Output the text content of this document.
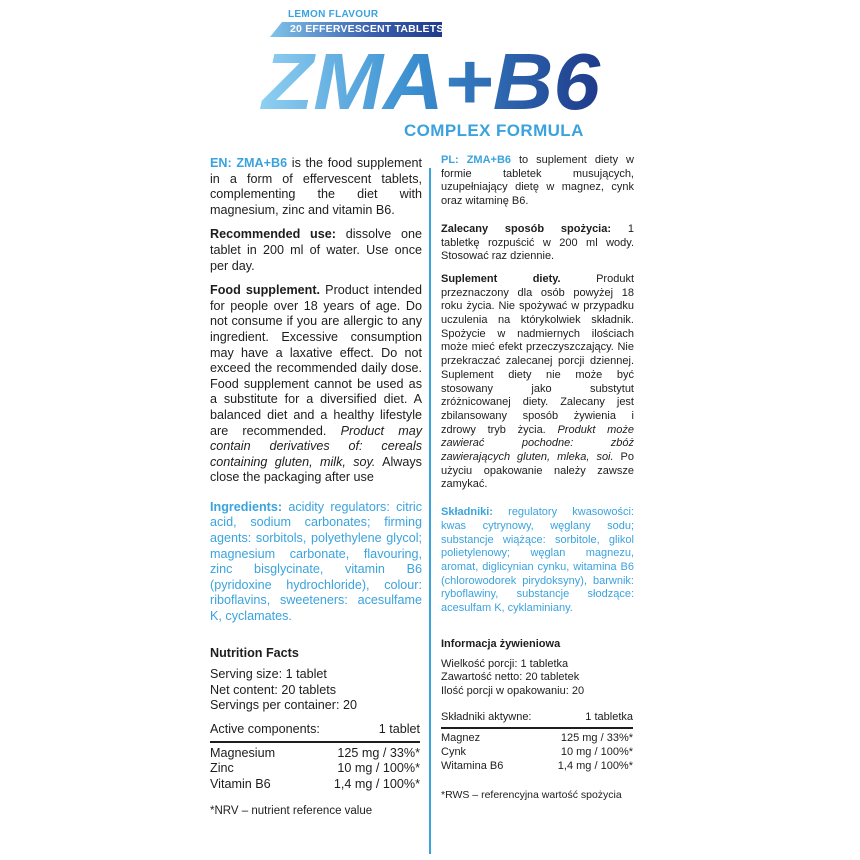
LEMON FLAVOUR
20 EFFERVESCENT TABLETS
ZMA+B6
COMPLEX FORMULA

EN: ZMA+B6 is the food supplement in a form of effervescent tablets, complementing the diet with magnesium, zinc and vitamin B6.

Recommended use: dissolve one tablet in 200 ml of water. Use once per day.

Food supplement. Product intended for people over 18 years of age. Do not consume if you are allergic to any ingredient. Excessive consumption may have a laxative effect. Do not exceed the recommended daily dose. Food supplement cannot be used as a substitute for a diversified diet. A balanced diet and a healthy lifestyle are recommended. Product may contain derivatives of: cereals containing gluten, milk, soy. Always close the packaging after use

Ingredients: acidity regulators: citric acid, sodium carbonates; firming agents: sorbitols, polyethylene glycol; magnesium carbonate, flavouring, zinc bisglycinate, vitamin B6 (pyridoxine hydrochloride), colour: riboflavins, sweeteners: acesulfame K, cyclamates.

Nutrition Facts
Serving size: 1 tablet
Net content: 20 tablets
Servings per container: 20
Active components:	1 tablet
Magnesium	125 mg / 33%*
Zinc	10 mg / 100%*
Vitamin B6	1,4 mg / 100%*
*NRV – nutrient reference value

PL: ZMA+B6 to suplement diety w formie tabletek musujących, uzupełniający dietę w magnez, cynk oraz witaminę B6.

Zalecany sposób spożycia: 1 tabletkę rozpuścić w 200 ml wody. Stosować raz dziennie.

Suplement diety. Produkt przeznaczony dla osób powyżej 18 roku życia. Nie spożywać w przypadku uczulenia na którykolwiek składnik. Spożycie w nadmiernych ilościach może mieć efekt przeczyszczający. Nie przekraczać zalecanej porcji dziennej. Suplement diety nie może być stosowany jako substytut zróżnicowanej diety. Zalecany jest zbilansowany sposób żywienia i zdrowy tryb życia. Produkt może zawierać pochodne: zbóż zawierających gluten, mleka, soi. Po użyciu opakowanie należy zawsze zamykać.

Składniki: regulatory kwasowości: kwas cytrynowy, węglany sodu; substancje wiążące: sorbitole, glikol polietylenowy; węglan magnezu, aromat, diglicynian cynku, witamina B6 (chlorowodorek pirydoksyny), barwnik: ryboflawiny, substancje słodzące: acesulfam K, cyklaminiany.

Informacja żywieniowa
Wielkość porcji: 1 tabletka
Zawartość netto: 20 tabletek
Ilość porcji w opakowaniu: 20
Składniki aktywne:	1 tabletka
Magnez	125 mg / 33%*
Cynk	10 mg / 100%*
Witamina B6	1,4 mg / 100%*
*RWS – referencyjna wartość spożycia
